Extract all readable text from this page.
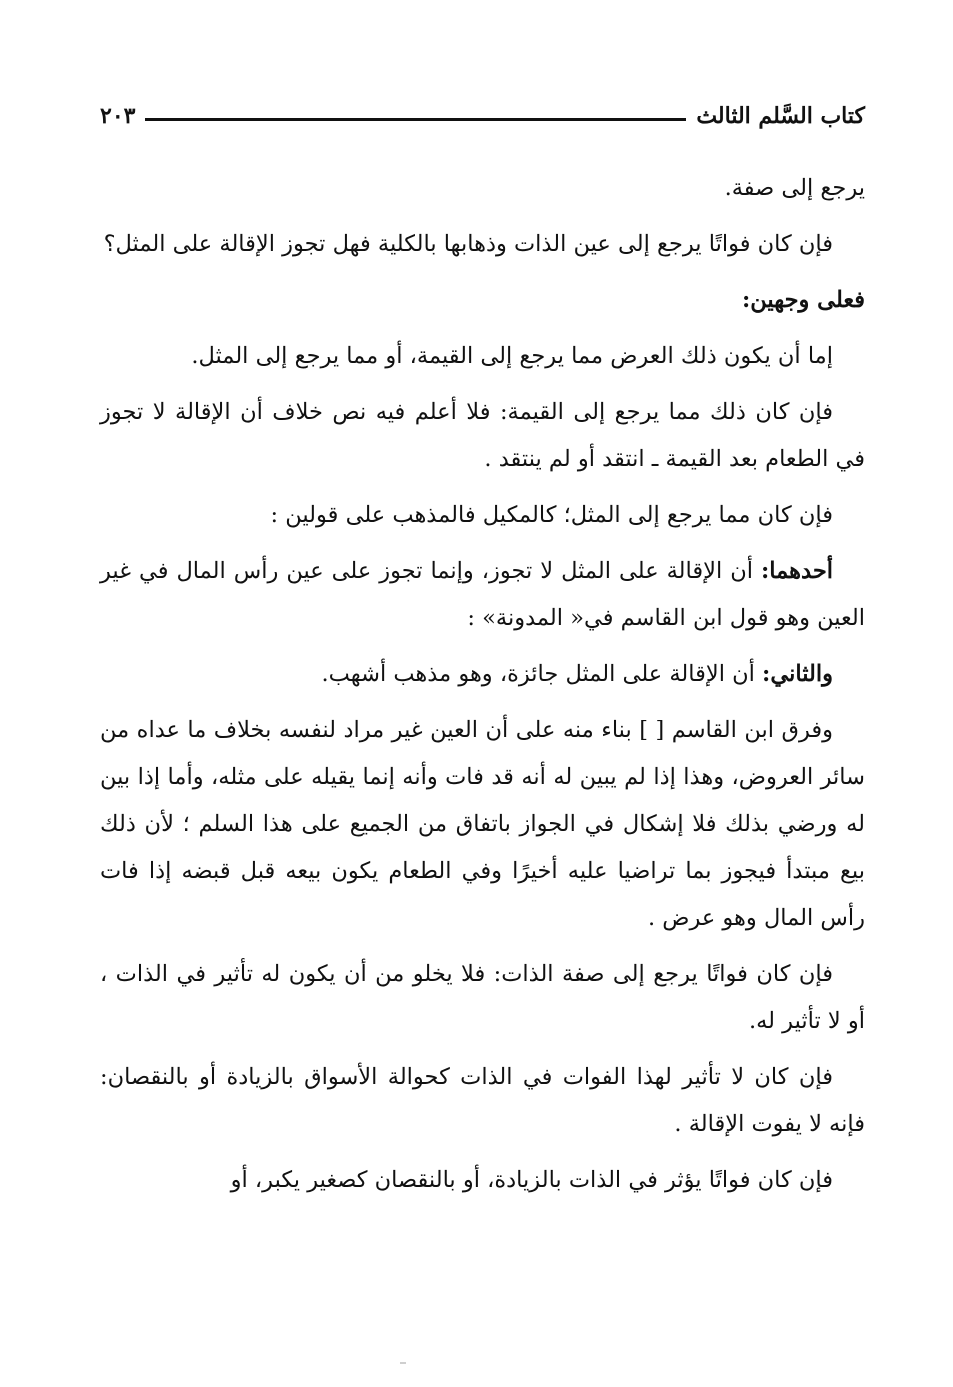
كتاب السَّلم الثالث
٢٠٣

يرجع إلى صفة.

فإن كان فواتًا يرجع إلى عين الذات وذهابها بالكلية فهل تجوز الإقالة على المثل؟

فعلى وجهين:

إما أن يكون ذلك العرض مما يرجع إلى القيمة، أو مما يرجع إلى المثل.

فإن كان ذلك مما يرجع إلى القيمة: فلا أعلم فيه نص خلاف أن الإقالة لا تجوز في الطعام بعد القيمة ـ انتقد أو لم ينتقد .

فإن كان مما يرجع إلى المثل؛ كالمكيل فالمذهب على قولين :

أحدهما: أن الإقالة على المثل لا تجوز، وإنما تجوز على عين رأس المال في غير العين وهو قول ابن القاسم في« المدونة» :

والثاني: أن الإقالة على المثل جائزة، وهو مذهب أشهب.

وفرق ابن القاسم [ ] بناء منه على أن العين غير مراد لنفسه بخلاف ما عداه من سائر العروض، وهذا إذا لم يبين له أنه قد فات وأنه إنما يقيله على مثله، وأما إذا بين له ورضي بذلك فلا إشكال في الجواز باتفاق من الجميع على هذا السلم ؛ لأن ذلك بيع مبتدأ فيجوز بما تراضيا عليه أخيرًا وفي الطعام يكون بيعه قبل قبضه إذا فات رأس المال وهو عرض .

فإن كان فواتًا يرجع إلى صفة الذات: فلا يخلو من أن يكون له تأثير في الذات ، أو لا تأثير له.

فإن كان لا تأثير لهذا الفوات في الذات كحوالة الأسواق بالزيادة أو بالنقصان: فإنه لا يفوت الإقالة .

فإن كان فواتًا يؤثر في الذات بالزيادة، أو بالنقصان كصغير يكبر، أو
